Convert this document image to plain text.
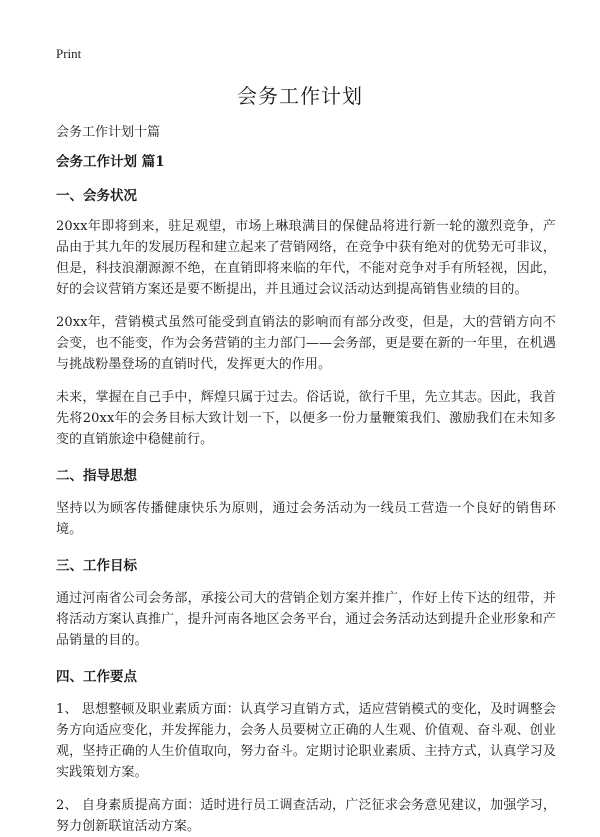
Print
会务工作计划

会务工作计划十篇

会务工作计划 篇1

一、会务状况

20xx年即将到来，驻足观望，市场上琳琅满目的保健品将进行新一轮的激烈竞争，产品由于其九年的发展历程和建立起来了营销网络，在竞争中获有绝对的优势无可非议，但是，科技浪潮源源不绝，在直销即将来临的年代，不能对竞争对手有所轻视，因此，好的会议营销方案还是要不断提出，并且通过会议活动达到提高销售业绩的目的。

20xx年，营销模式虽然可能受到直销法的影响而有部分改变，但是，大的营销方向不会变，也不能变，作为会务营销的主力部门——会务部，更是要在新的一年里，在机遇与挑战粉墨登场的直销时代，发挥更大的作用。

未来，掌握在自己手中，辉煌只属于过去。俗话说，欲行千里，先立其志。因此，我首先将20xx年的会务目标大致计划一下，以便多一份力量鞭策我们、激励我们在未知多变的直销旅途中稳健前行。

二、指导思想

坚持以为顾客传播健康快乐为原则，通过会务活动为一线员工营造一个良好的销售环境。

三、工作目标

通过河南省公司会务部，承接公司大的营销企划方案并推广，作好上传下达的纽带，并将活动方案认真推广，提升河南各地区会务平台，通过会务活动达到提升企业形象和产品销量的目的。

四、工作要点

1、 思想整顿及职业素质方面：认真学习直销方式，适应营销模式的变化，及时调整会务方向适应变化，并发挥能力，会务人员要树立正确的人生观、价值观、奋斗观、创业观，坚持正确的人生价值取向，努力奋斗。定期讨论职业素质、主持方式，认真学习及实践策划方案。

2、 自身素质提高方面：适时进行员工调查活动，广泛征求会务意见建议，加强学习，努力创新联谊活动方案。
